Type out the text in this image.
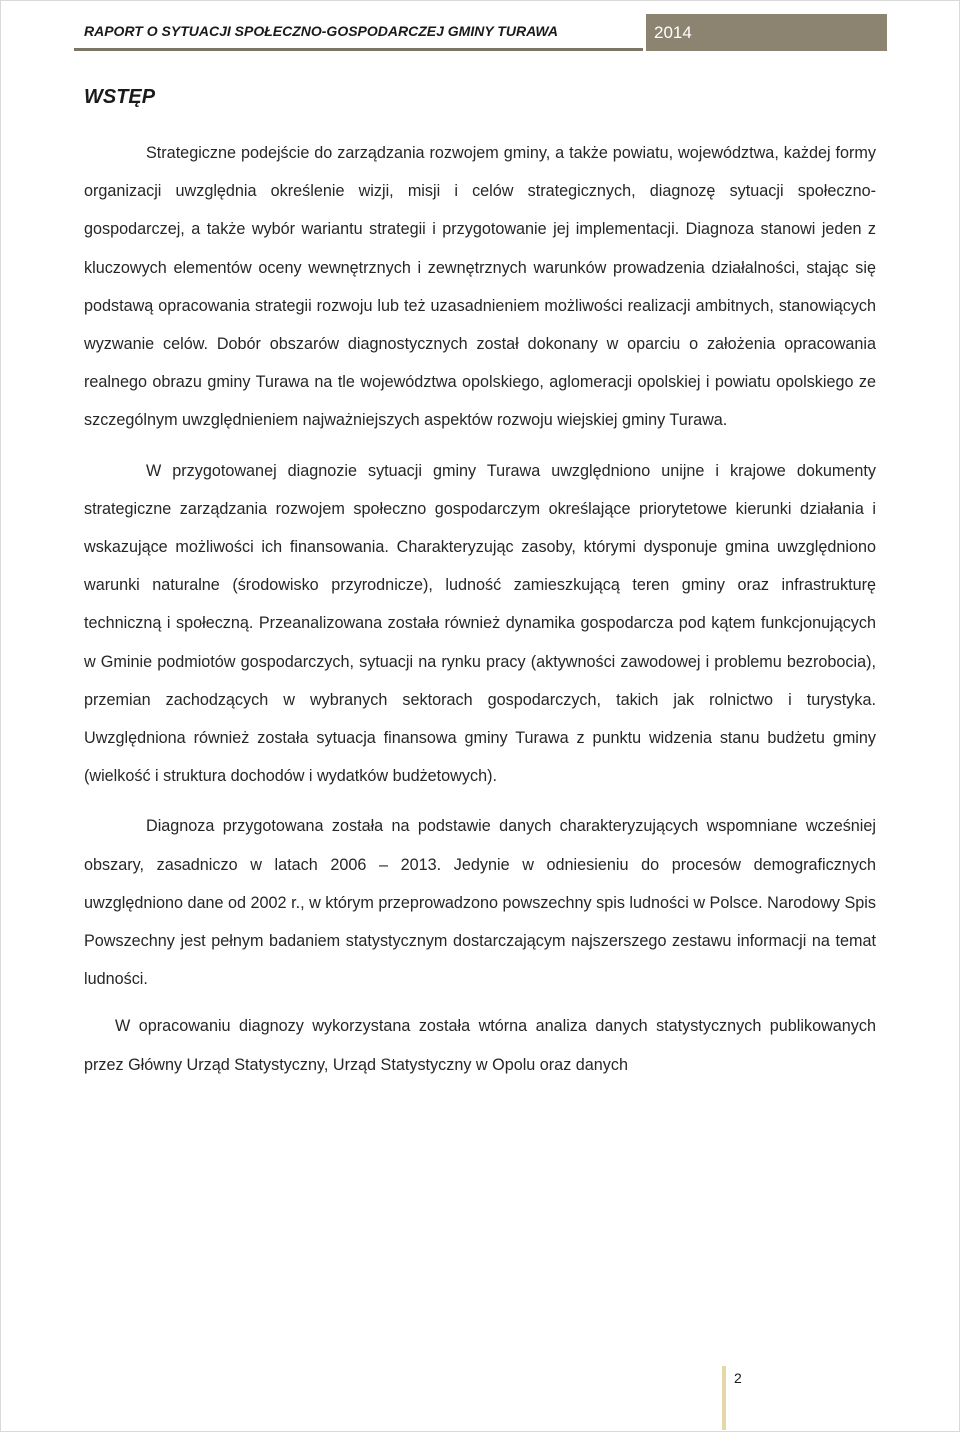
RAPORT O SYTUACJI SPOŁECZNO-GOSPODARCZEJ GMINY TURAWA	2014
WSTĘP

Strategiczne podejście do zarządzania rozwojem gminy, a także powiatu, województwa, każdej formy organizacji uwzględnia określenie wizji, misji i celów strategicznych, diagnozę sytuacji społeczno-gospodarczej, a także wybór wariantu strategii i przygotowanie jej implementacji. Diagnoza stanowi jeden z kluczowych elementów oceny wewnętrznych i zewnętrznych warunków prowadzenia działalności, stając się podstawą opracowania strategii rozwoju lub też uzasadnieniem możliwości realizacji ambitnych, stanowiących wyzwanie celów. Dobór obszarów diagnostycznych został dokonany w oparciu o założenia opracowania realnego obrazu gminy Turawa na tle województwa opolskiego, aglomeracji opolskiej i powiatu opolskiego ze szczególnym uwzględnieniem najważniejszych aspektów rozwoju wiejskiej gminy Turawa.

W przygotowanej diagnozie sytuacji gminy Turawa uwzględniono unijne i krajowe dokumenty strategiczne zarządzania rozwojem społeczno gospodarczym określające priorytetowe kierunki działania i wskazujące możliwości ich finansowania. Charakteryzując zasoby, którymi dysponuje gmina uwzględniono warunki naturalne (środowisko przyrodnicze), ludność zamieszkującą teren gminy oraz infrastrukturę techniczną i społeczną. Przeanalizowana została również dynamika gospodarcza pod kątem funkcjonujących w Gminie podmiotów gospodarczych, sytuacji na rynku pracy (aktywności zawodowej i problemu bezrobocia), przemian zachodzących w wybranych sektorach gospodarczych, takich jak rolnictwo i turystyka. Uwzględniona również została sytuacja finansowa gminy Turawa z punktu widzenia stanu budżetu gminy (wielkość i struktura dochodów i wydatków budżetowych).

Diagnoza przygotowana została na podstawie danych charakteryzujących wspomniane wcześniej obszary, zasadniczo w latach 2006 – 2013. Jedynie w odniesieniu do procesów demograficznych uwzględniono dane od 2002 r., w którym przeprowadzono powszechny spis ludności w Polsce. Narodowy Spis Powszechny jest pełnym badaniem statystycznym dostarczającym najszerszego zestawu informacji na temat ludności.

W opracowaniu diagnozy wykorzystana została wtórna analiza danych statystycznych publikowanych przez Główny Urząd Statystyczny, Urząd Statystyczny w Opolu oraz danych

2
